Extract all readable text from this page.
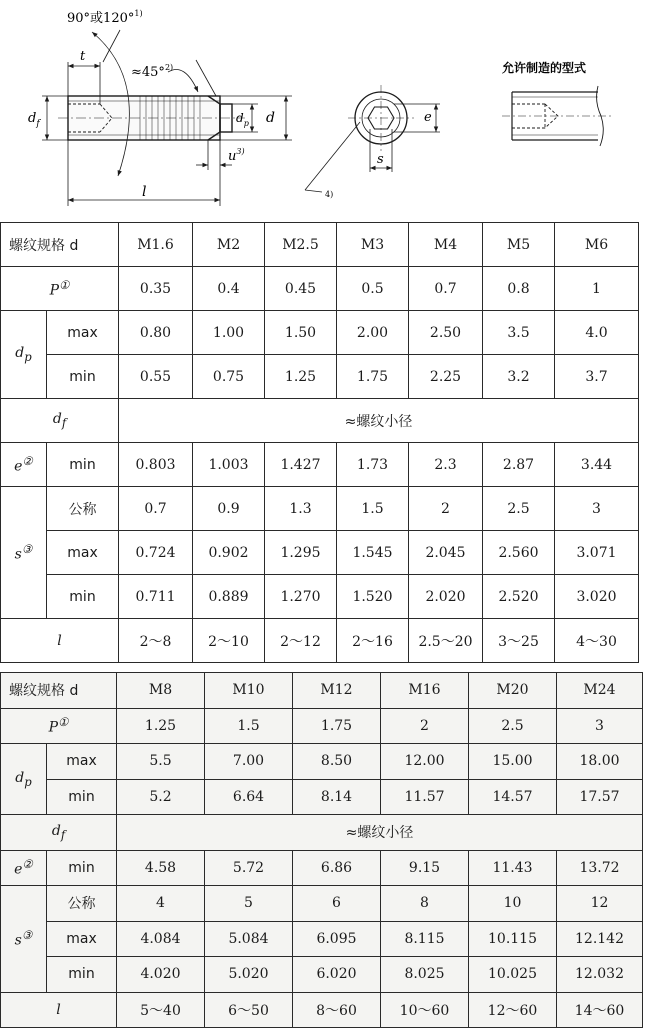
t
90°或120°$^{1)}$
≈45°$^{2)}$
$d_f$	$d_p$ d
$u^{3)}$
l
e
s
4)
允许制造的型式
螺纹规格 d		M1.6	M2	M2.5	M3	M4	M5	M6
P①		0.35	0.4	0.45	0.5	0.7	0.8	1
$d_p$	max	0.80	1.00	1.50	2.00	2.50	3.5	4.0
	min	0.55	0.75	1.25	1.75	2.25	3.2	3.7
$d_f$		≈螺纹小径						
e②	min	0.803	1.003	1.427	1.73	2.3	2.87	3.44
s③	公称	0.7	0.9	1.3	1.5	2	2.5	3
	max	0.724	0.902	1.295	1.545	2.045	2.560	3.071
	min	0.711	0.889	1.270	1.520	2.020	2.520	3.020
l		2～8	2～10	2～12	2～16	2.5～20	3～25	4～30
螺纹规格 d		M8	M10	M12	M16	M20	M24
P①		1.25	1.5	1.75	2	2.5	3
$d_p$	max	5.5	7.00	8.50	12.00	15.00	18.00
	min	5.2	6.64	8.14	11.57	14.57	17.57
$d_f$		≈螺纹小径					
e②	min	4.58	5.72	6.86	9.15	11.43	13.72
s③	公称	4	5	6	8	10	12
	max	4.084	5.084	6.095	8.115	10.115	12.142
	min	4.020	5.020	6.020	8.025	10.025	12.032
l		5～40	6～50	8～60	10～60	12～60	14～60
